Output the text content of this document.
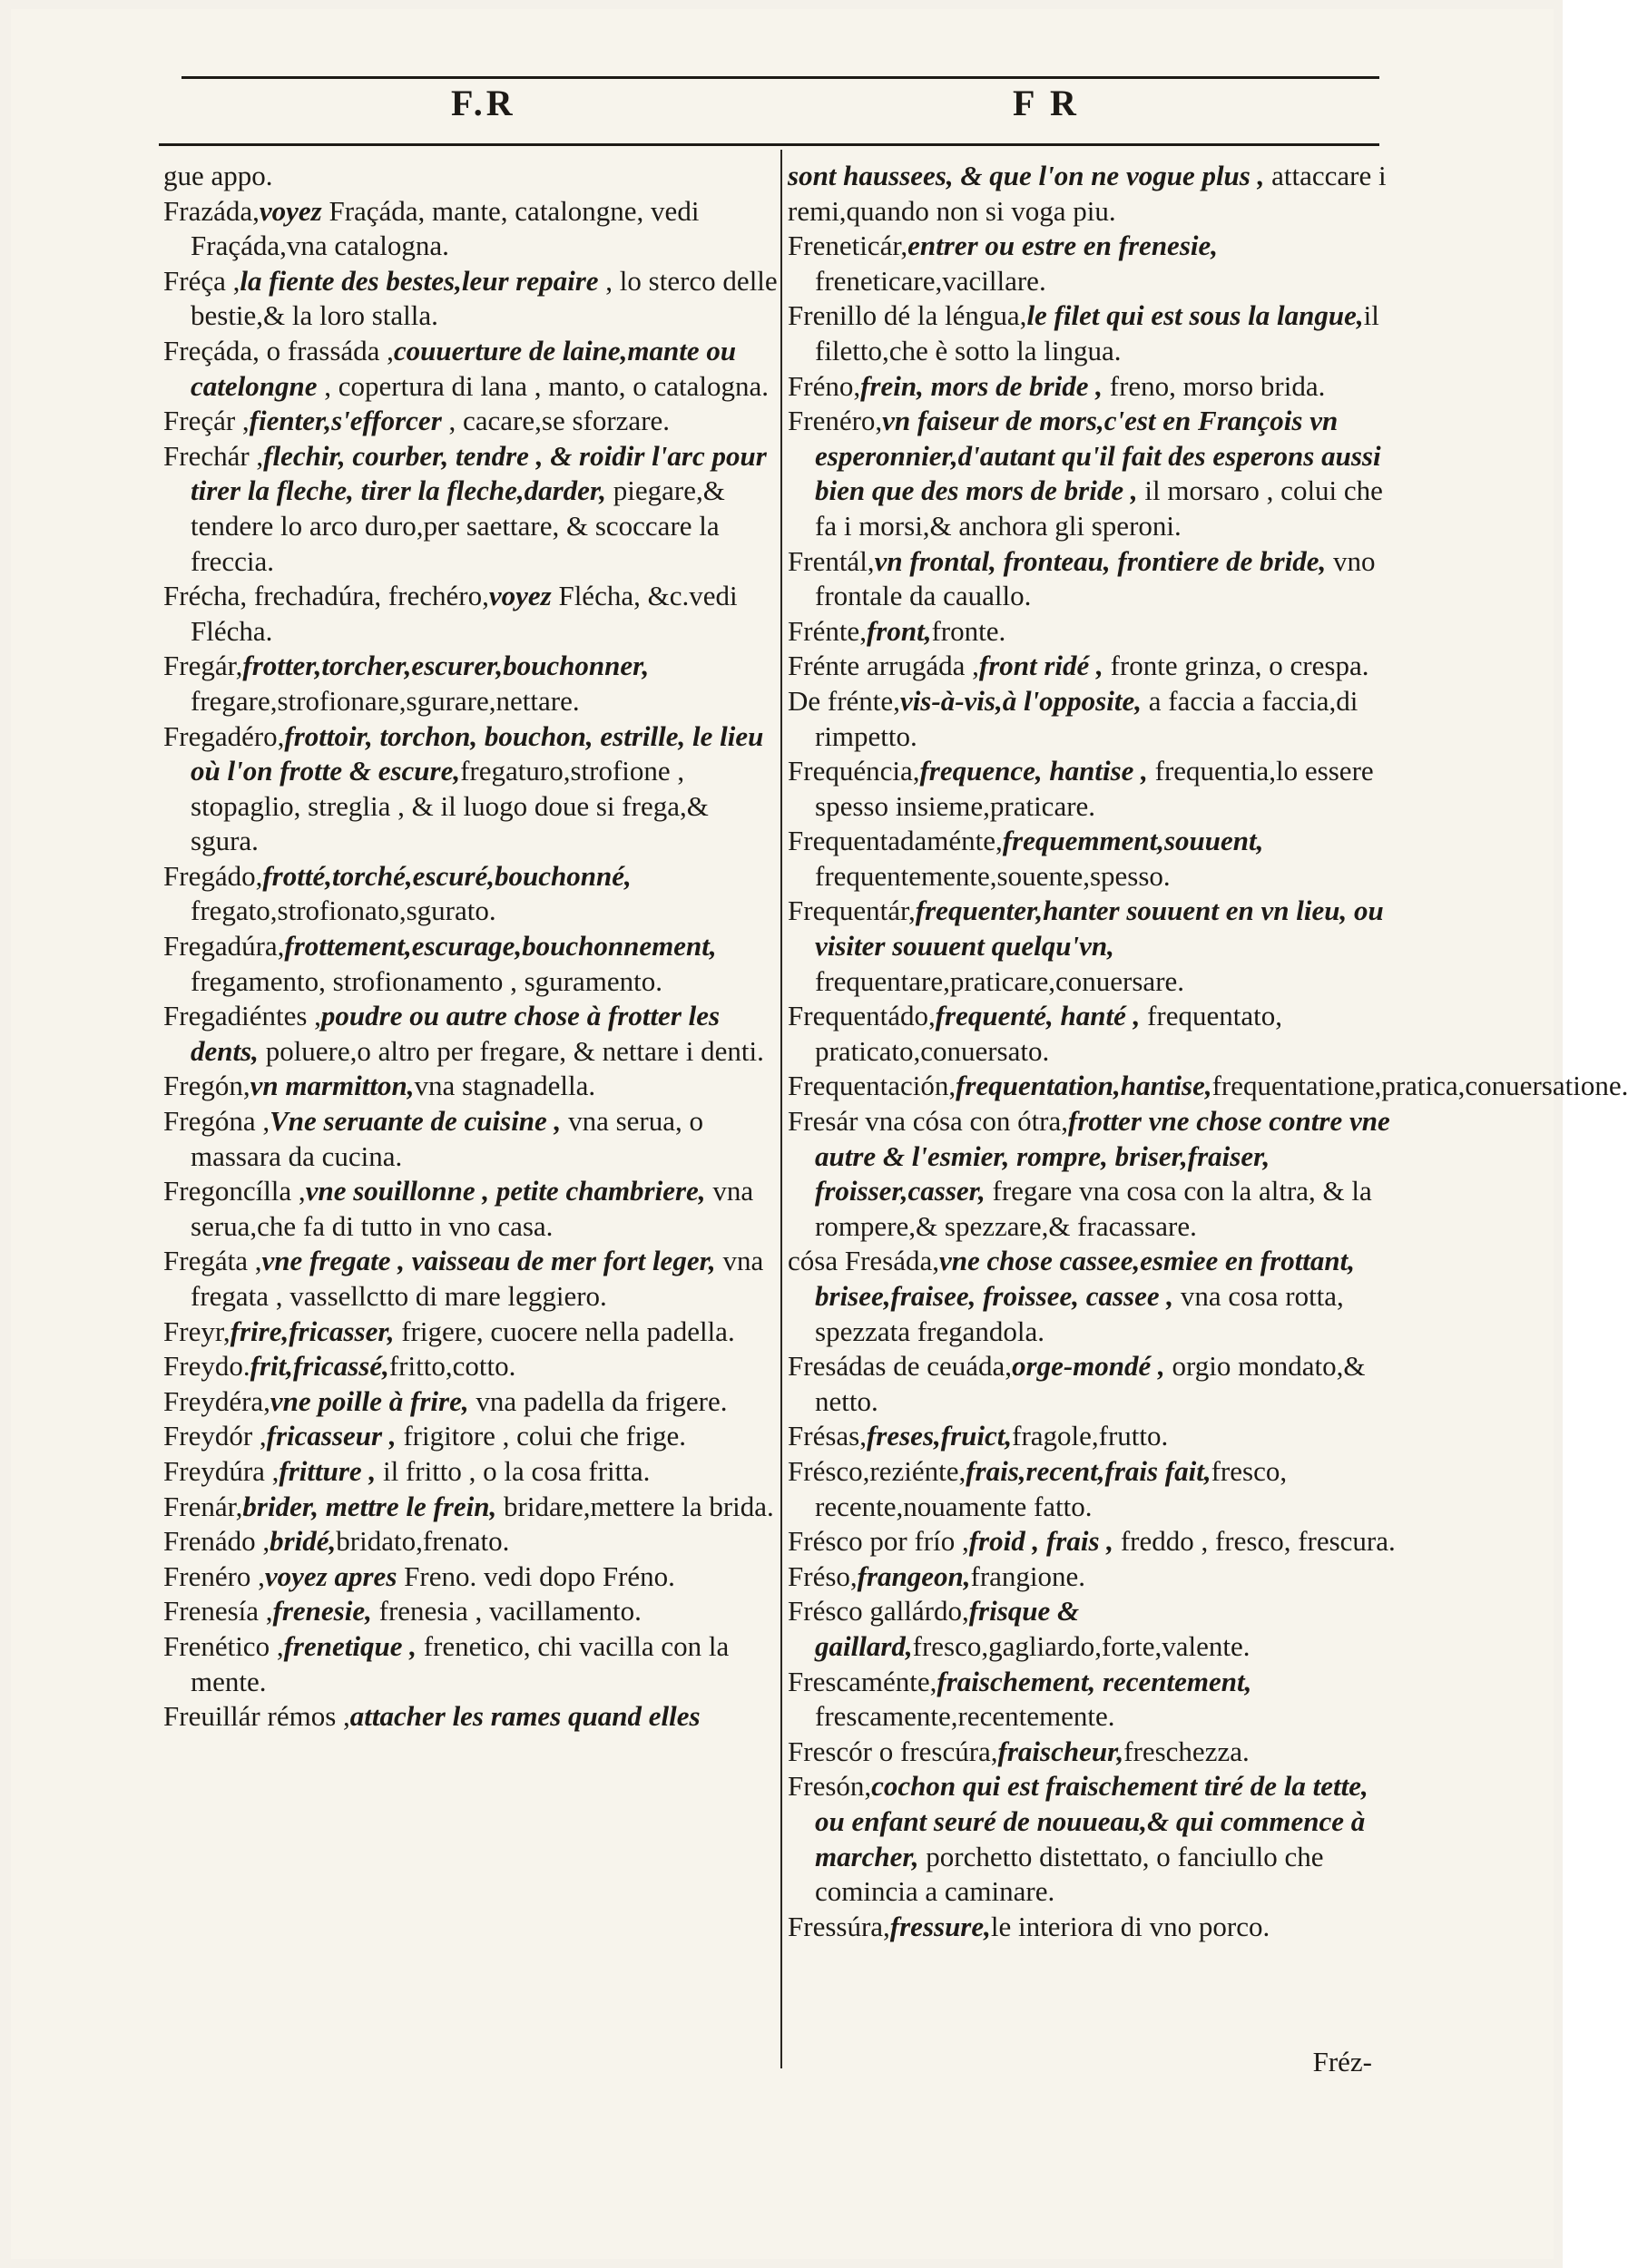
F.R	F R

gue appo.

Frazáda,voyez Fraçáda, mante, catalongne, vedi Fraçáda,vna catalogna.

Fréça ,la fiente des bestes,leur repaire , lo sterco delle bestie,& la loro stalla.

Freçáda, o frassáda ,couuerture de laine,mante ou catelongne , copertura di lana , manto, o catalogna.

Freçár ,fienter,s'efforcer , cacare,se sforzare.

Frechár ,flechir, courber, tendre , & roidir l'arc pour tirer la fleche, tirer la fleche,darder, piegare,& tendere lo arco duro,per saettare, & scoccare la freccia.

Frécha, frechadúra, frechéro,voyez Flécha, &c.vedi Flécha.

Fregár,frotter,torcher,escurer,bouchonner, fregare,strofionare,sgurare,nettare.

Fregadéro,frottoir, torchon, bouchon, estrille, le lieu où l'on frotte & escure,fregaturo,strofione , stopaglio, streglia , & il luogo doue si frega,& sgura.

Fregádo,frotté,torché,escuré,bouchonné, fregato,strofionato,sgurato.

Fregadúra,frottement,escurage,bouchonnement, fregamento, strofionamento , sguramento.

Fregadiéntes ,poudre ou autre chose à frotter les dents, poluere,o altro per fregare, & nettare i denti.

Fregón,vn marmitton,vna stagnadella.

Fregóna ,Vne seruante de cuisine , vna serua, o massara da cucina.

Fregoncílla ,vne souillonne , petite chambriere, vna serua,che fa di tutto in vno casa.

Fregáta ,vne fregate , vaisseau de mer fort leger, vna fregata , vassellctto di mare leggiero.

Freyr,frire,fricasser, frigere, cuocere nella padella.

Freydo.frit,fricassé,fritto,cotto.

Freydéra,vne poille à frire, vna padella da frigere.

Freydór ,fricasseur , frigitore , colui che frige.

Freydúra ,fritture , il fritto , o la cosa fritta.

Frenár,brider, mettre le frein, bridare,mettere la brida.

Frenádo ,bridé,bridato,frenato.

Frenéro ,voyez apres Freno. vedi dopo Fréno.

Frenesía ,frenesie, frenesia , vacillamento.

Frenético ,frenetique , frenetico, chi vacilla con la mente.

Freuillár rémos ,attacher les rames quand elles

sont haussees, & que l'on ne vogue plus , attaccare i remi,quando non si voga piu.

Freneticár,entrer ou estre en frenesie, freneticare,vacillare.

Frenillo dé la léngua,le filet qui est sous la langue,il filetto,che è sotto la lingua.

Fréno,frein, mors de bride , freno, morso brida.

Frenéro,vn faiseur de mors,c'est en François vn esperonnier,d'autant qu'il fait des esperons aussi bien que des mors de bride , il morsaro , colui che fa i morsi,& anchora gli speroni.

Frentál,vn frontal, fronteau, frontiere de bride, vno frontale da cauallo.

Frénte,front,fronte.

Frénte arrugáda ,front ridé , fronte grinza, o crespa.

De frénte,vis-à-vis,à l'opposite, a faccia a faccia,di rimpetto.

Frequéncia,frequence, hantise , frequentia,lo essere spesso insieme,praticare.

Frequentadaménte,frequemment,souuent, frequentemente,souente,spesso.

Frequentár,frequenter,hanter souuent en vn lieu, ou visiter souuent quelqu'vn, frequentare,praticare,conuersare.

Frequentádo,frequenté, hanté , frequentato, praticato,conuersato.

Frequentación,frequentation,hantise,frequentatione,pratica,conuersatione.

Fresár vna cósa con ótra,frotter vne chose contre vne autre & l'esmier, rompre, briser,fraiser, froisser,casser, fregare vna cosa con la altra, & la rompere,& spezzare,& fracassare.

cósa Fresáda,vne chose cassee,esmiee en frottant, brisee,fraisee, froissee, cassee , vna cosa rotta, spezzata fregandola.

Fresádas de ceuáda,orge-mondé , orgio mondato,& netto.

Frésas,freses,fruict,fragole,frutto.

Frésco,reziénte,frais,recent,frais fait,fresco, recente,nouamente fatto.

Frésco por frío ,froid , frais , freddo , fresco, frescura.

Fréso,frangeon,frangione.

Frésco gallárdo,frisque & gaillard,fresco,gagliardo,forte,valente.

Frescaménte,fraischement, recentement, frescamente,recentemente.

Frescór o frescúra,fraischeur,freschezza.

Fresón,cochon qui est fraischement tiré de la tette, ou enfant seuré de nouueau,& qui commence à marcher, porchetto distettato, o fanciullo che comincia a caminare.

Fressúra,fressure,le interiora di vno porco.

Fréz-
